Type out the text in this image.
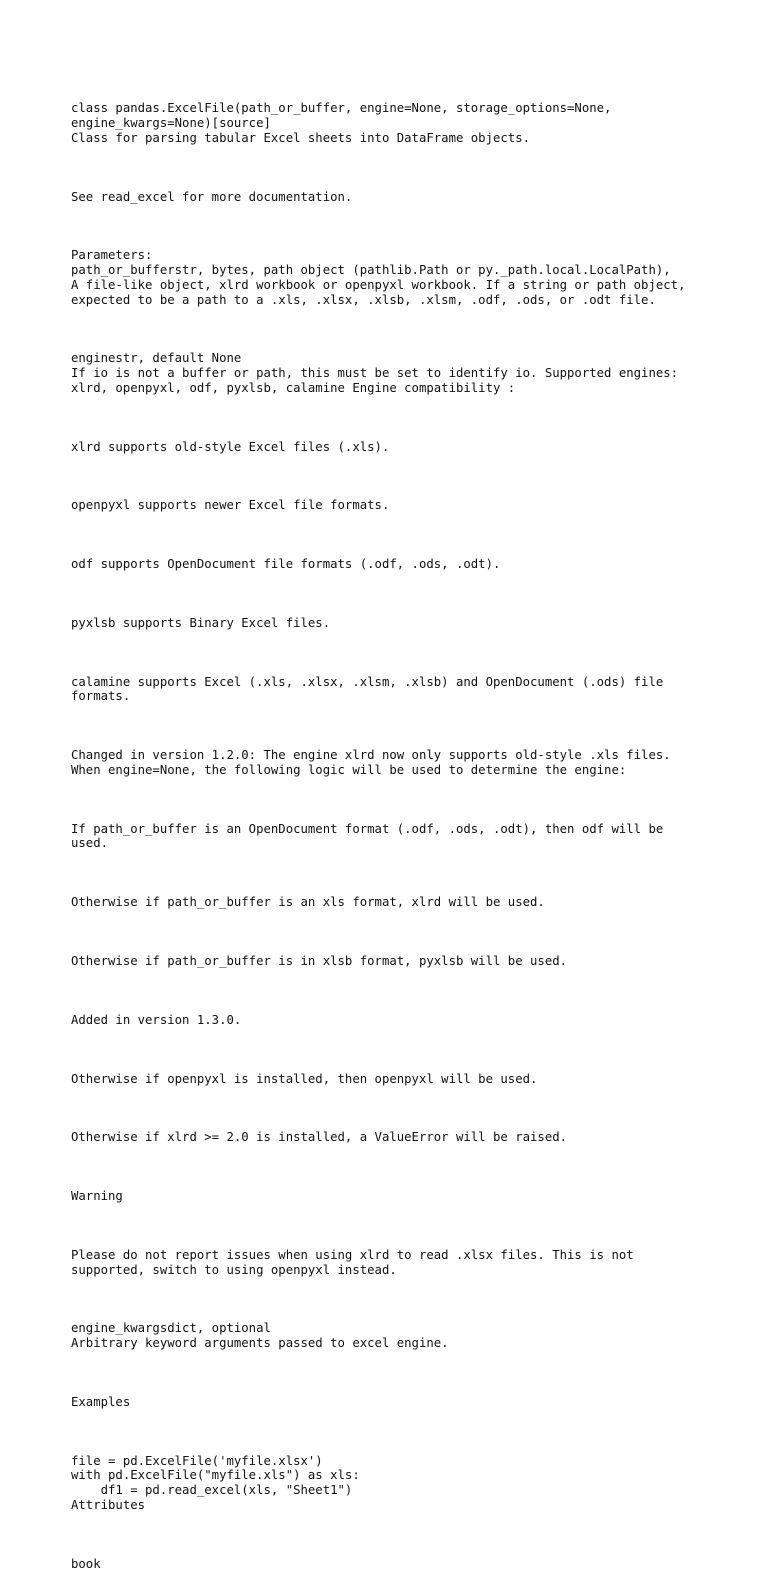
class pandas.ExcelFile(path_or_buffer, engine=None, storage_options=None,
engine_kwargs=None)[source]
Class for parsing tabular Excel sheets into DataFrame objects.

See read_excel for more documentation.

Parameters:
path_or_bufferstr, bytes, path object (pathlib.Path or py._path.local.LocalPath),
A file-like object, xlrd workbook or openpyxl workbook. If a string or path object,
expected to be a path to a .xls, .xlsx, .xlsb, .xlsm, .odf, .ods, or .odt file.

enginestr, default None
If io is not a buffer or path, this must be set to identify io. Supported engines:
xlrd, openpyxl, odf, pyxlsb, calamine Engine compatibility :

xlrd supports old-style Excel files (.xls).

openpyxl supports newer Excel file formats.

odf supports OpenDocument file formats (.odf, .ods, .odt).

pyxlsb supports Binary Excel files.

calamine supports Excel (.xls, .xlsx, .xlsm, .xlsb) and OpenDocument (.ods) file
formats.

Changed in version 1.2.0: The engine xlrd now only supports old-style .xls files.
When engine=None, the following logic will be used to determine the engine:

If path_or_buffer is an OpenDocument format (.odf, .ods, .odt), then odf will be
used.

Otherwise if path_or_buffer is an xls format, xlrd will be used.

Otherwise if path_or_buffer is in xlsb format, pyxlsb will be used.

Added in version 1.3.0.

Otherwise if openpyxl is installed, then openpyxl will be used.

Otherwise if xlrd >= 2.0 is installed, a ValueError will be raised.

Warning

Please do not report issues when using xlrd to read .xlsx files. This is not
supported, switch to using openpyxl instead.

engine_kwargsdict, optional
Arbitrary keyword arguments passed to excel engine.

Examples

file = pd.ExcelFile('myfile.xlsx')
with pd.ExcelFile("myfile.xls") as xls:
df1 = pd.read_excel(xls, "Sheet1")
Attributes

book
